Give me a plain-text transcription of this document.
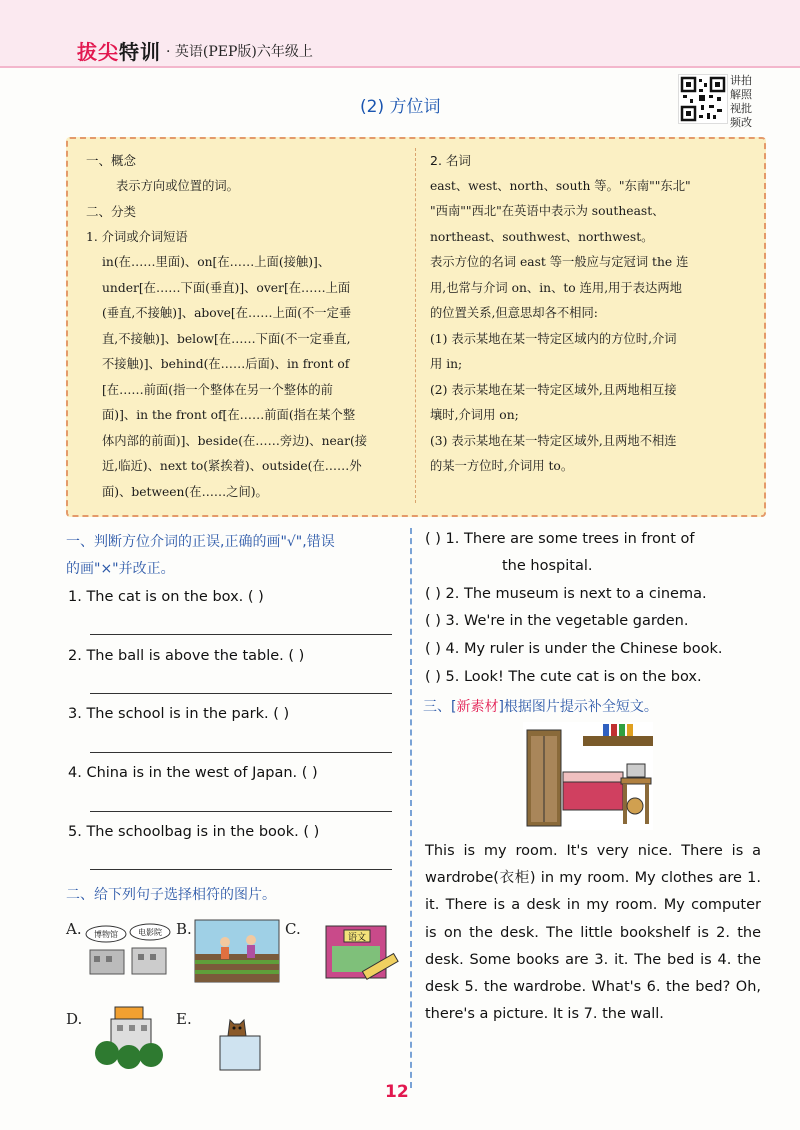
拔尖特训 · 英语(PEP版)六年级上
(2) 方位词
讲拍解照视批频改

一、概念

表示方向或位置的词。

二、分类

1. 介词或介词短语

in(在……里面)、on[在……上面(接触)]、

under[在……下面(垂直)]、over[在……上面

(垂直,不接触)]、above[在……上面(不一定垂

直,不接触)]、below[在……下面(不一定垂直,

不接触)]、behind(在……后面)、in front of

[在……前面(指一个整体在另一个整体的前

面)]、in the front of[在……前面(指在某个整

体内部的前面)]、beside(在……旁边)、near(接

近,临近)、next to(紧挨着)、outside(在……外

面)、between(在……之间)。

2. 名词

east、west、north、south 等。"东南""东北"

"西南""西北"在英语中表示为 southeast、

northeast、southwest、northwest。

表示方位的名词 east 等一般应与定冠词 the 连

用,也常与介词 on、in、to 连用,用于表达两地

的位置关系,但意思却各不相同:

(1) 表示某地在某一特定区域内的方位时,介词

用 in;

(2) 表示某地在某一特定区域外,且两地相互接

壤时,介词用 on;

(3) 表示某地在某一特定区域外,且两地不相连

的某一方位时,介词用 to。

一、判断方位介词的正误,正确的画"√",错误
的画"×"并改正。
1. The cat is on the box. ( )
2. The ball is above the table. ( )
3. The school is in the park. ( )
4. China is in the west of Japan. ( )
5. The schoolbag is in the book. ( )
二、给下列句子选择相符的图片。
A. 博物馆	电影院 B.	C.	语文
D.	E.
( ) 1. There are some trees in front of
the hospital.
( ) 2. The museum is next to a cinema.
( ) 3. We're in the vegetable garden.
( ) 4. My ruler is under the Chinese book.
( ) 5. Look! The cute cat is on the box.
三、[新素材]根据图片提示补全短文。
This is my room. It's very nice. There is a wardrobe(衣柜) in my room. My clothes are 1. it. There is a desk in my room. My computer is on the desk. The little bookshelf is 2. the desk. Some books are 3. it. The bed is 4. the desk 5. the wardrobe. What's 6. the bed? Oh, there's a picture. It is 7. the wall.
12
